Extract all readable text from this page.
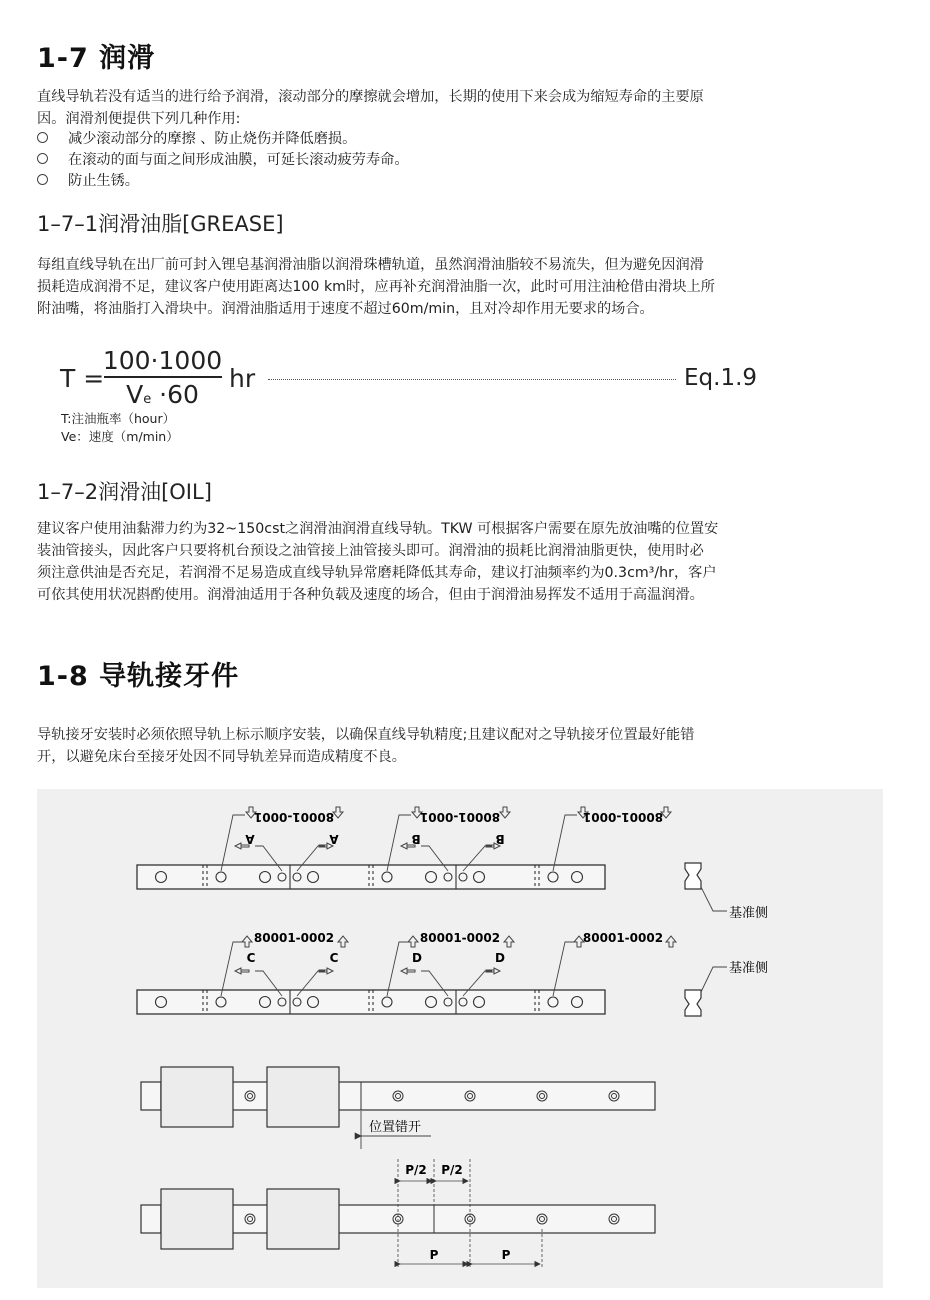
1-7 润滑
直线导轨若没有适当的进行给予润滑，滚动部分的摩擦就会增加，长期的使用下来会成为缩短寿命的主要原
因。润滑剂便提供下列几种作用:
减少滚动部分的摩擦 、防止烧伤并降低磨损。
在滚动的面与面之间形成油膜，可延长滚动疲劳寿命。
防止生锈。
1–7–1润滑油脂[GREASE]
每组直线导轨在出厂前可封入锂皂基润滑油脂以润滑珠槽轨道，虽然润滑油脂较不易流失，但为避免因润滑
损耗造成润滑不足，建议客户使用距离达100 km时，应再补充润滑油脂一次，此时可用注油枪借由滑块上所
附油嘴，将油脂打入滑块中。润滑油脂适用于速度不超过60m/min，且对冷却作用无要求的场合。
T =
100·1000
Ve ·60
hr	Eq.1.9
T:注油瓶率（hour）
Ve：速度（m/min）
1–7–2润滑油[OIL]
建议客户使用油黏滞力约为32~150cst之润滑油润滑直线导轨。TKW 可根据客户需要在原先放油嘴的位置安
装油管接头，因此客户只要将机台预设之油管接上油管接头即可。润滑油的损耗比润滑油脂更快，使用时必
须注意供油是否充足，若润滑不足易造成直线导轨异常磨耗降低其寿命，建议打油频率约为0.3cm³/hr，客户
可依其使用状况斟酌使用。润滑油适用于各种负载及速度的场合，但由于润滑油易挥发不适用于高温润滑。
1-8 导轨接牙件
导轨接牙安装时必须依照导轨上标示顺序安装，以确保直线导轨精度;且建议配对之导轨接牙位置最好能错
开，以避免床台至接牙处因不同导轨差异而造成精度不良。
80001-0001	80001-0001	80001-0001
A	A	B	B
基准侧
80001-0002	80001-0002	80001-0002
C	C	D	D
基准侧
位置错开
P/2 P/2
P	P
